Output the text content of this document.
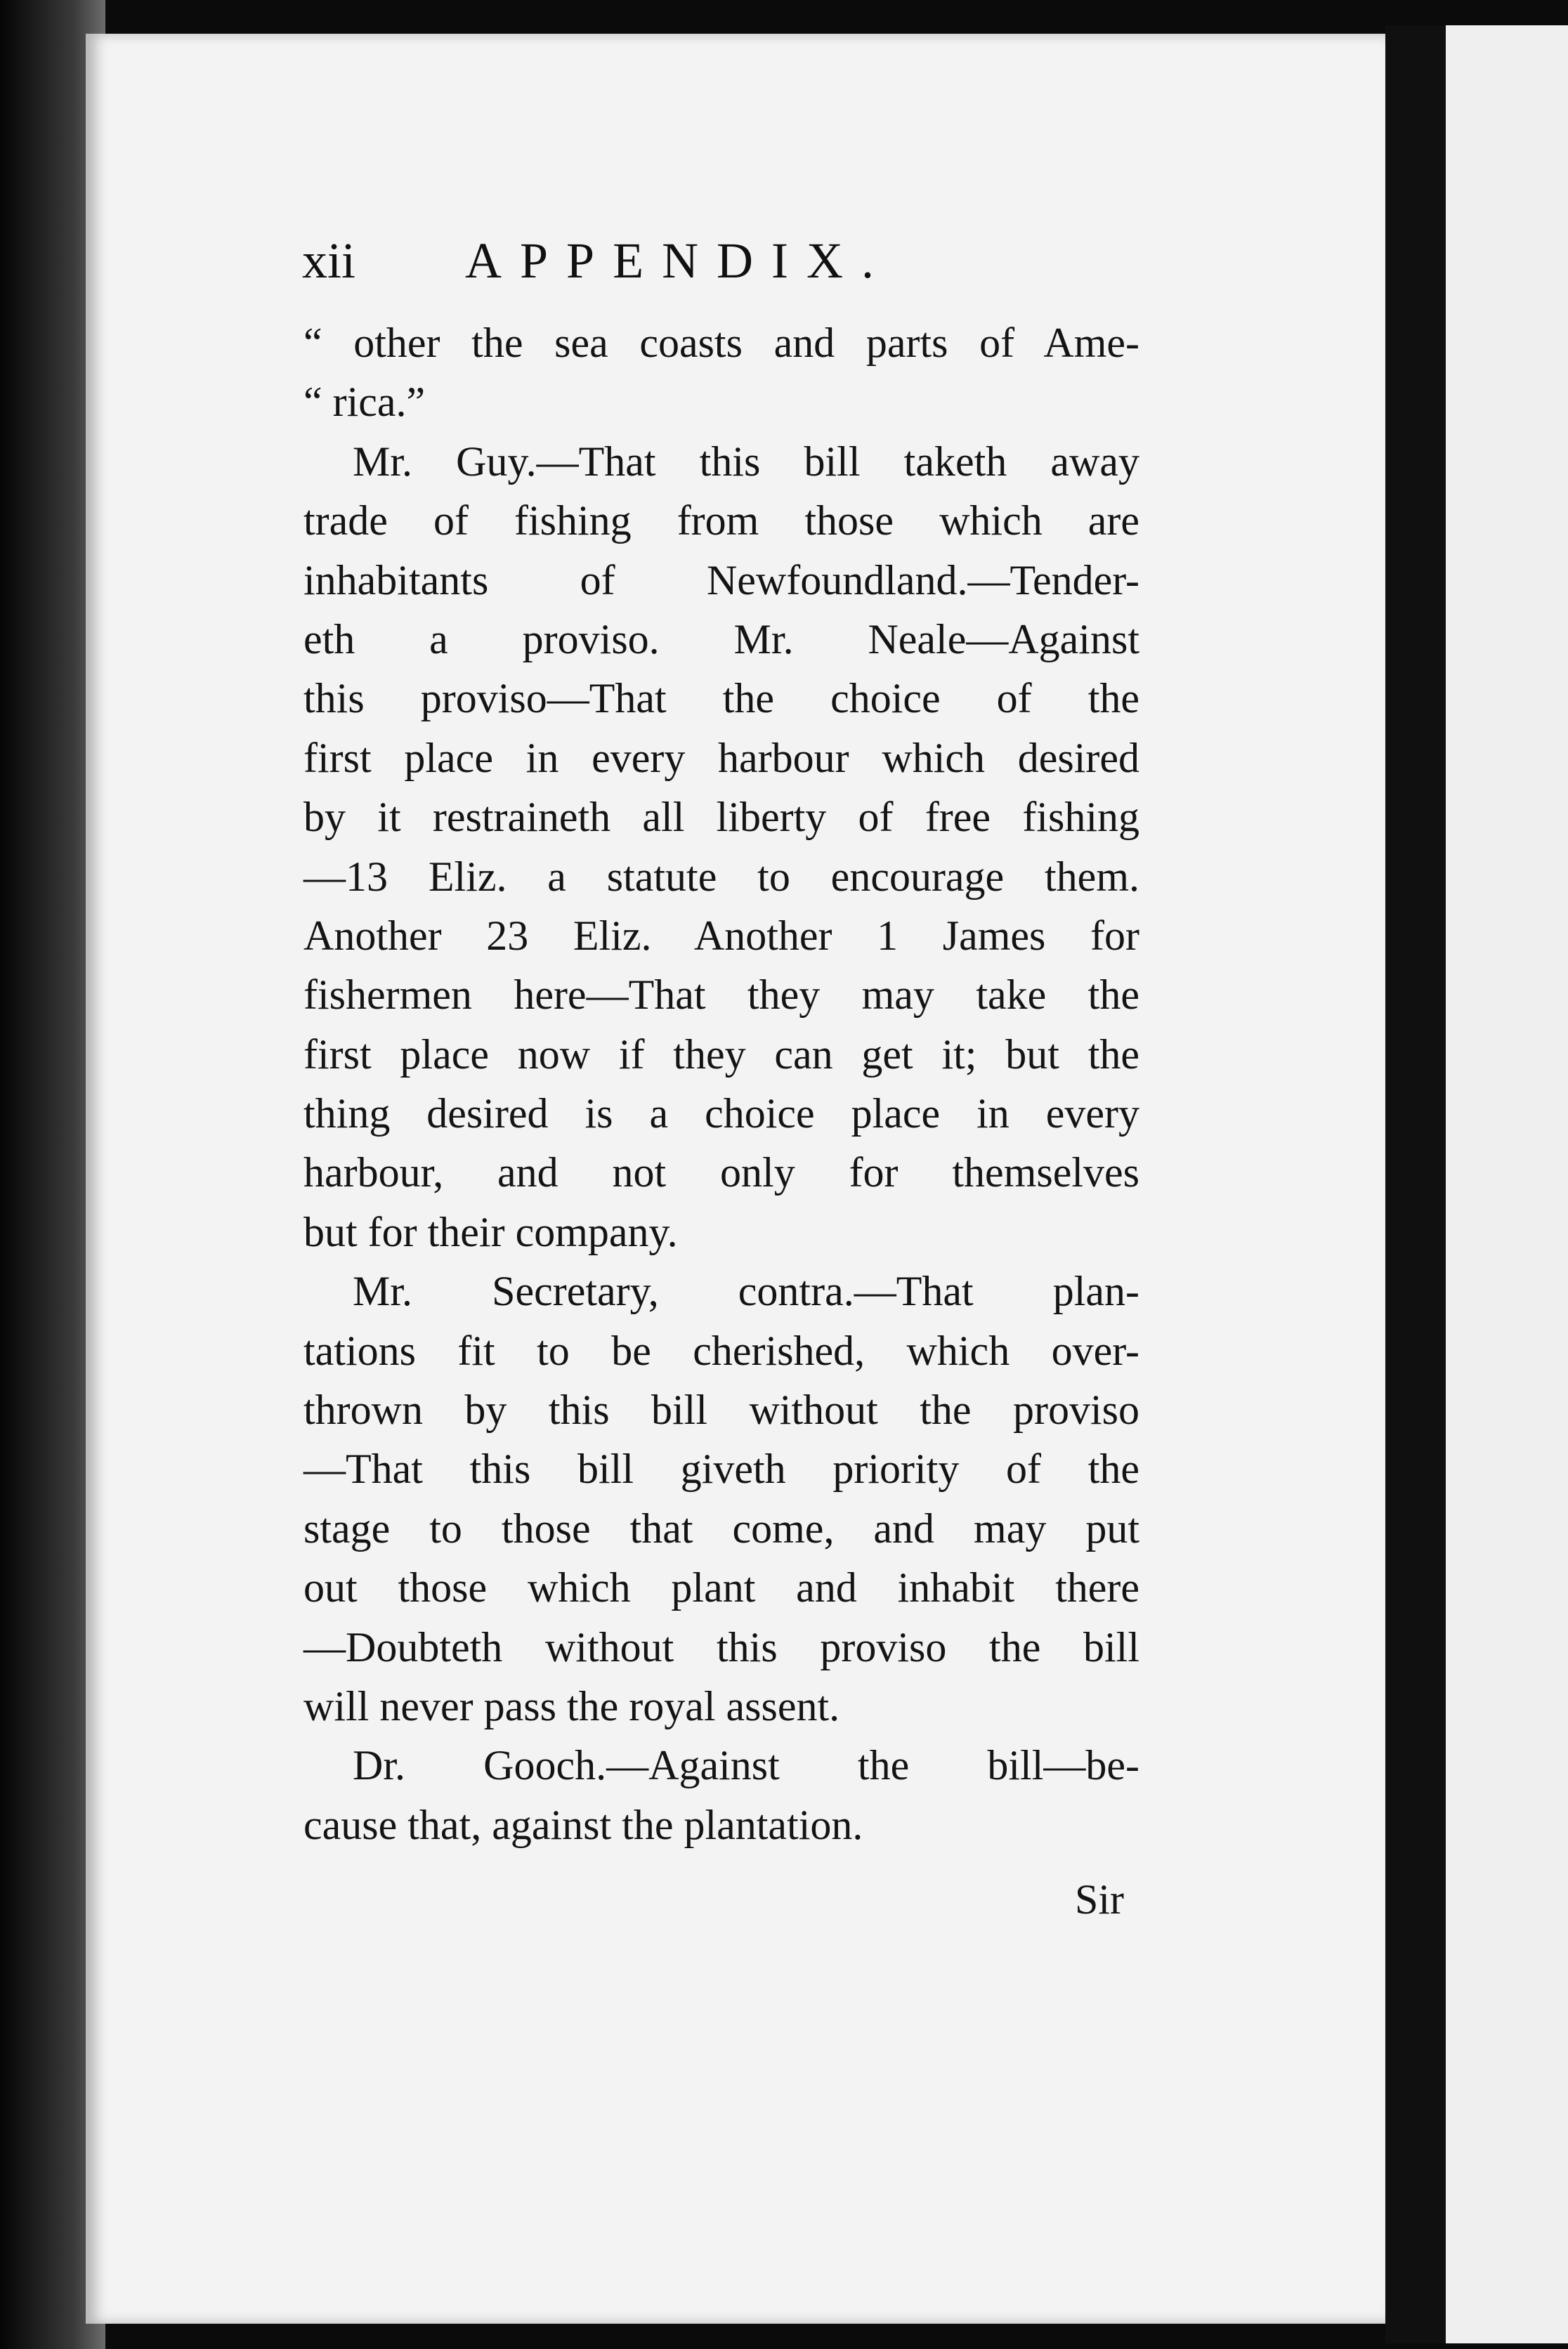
xii APPENDIX.
“ other the sea coasts and parts of Ame-
“ rica.”
Mr. Guy.—That this bill taketh away
trade of fishing from those which are
inhabitants of Newfoundland.—Tender-
eth a proviso. Mr. Neale—Against
this proviso—That the choice of the
first place in every harbour which desired
by it restraineth all liberty of free fishing
—13 Eliz. a statute to encourage them.
Another 23 Eliz. Another 1 James for
fishermen here—That they may take the
first place now if they can get it; but the
thing desired is a choice place in every
harbour, and not only for themselves
but for their company.
Mr. Secretary, contra.—That plan-
tations fit to be cherished, which over-
thrown by this bill without the proviso
—That this bill giveth priority of the
stage to those that come, and may put
out those which plant and inhabit there
—Doubteth without this proviso the bill
will never pass the royal assent.
Dr. Gooch.—Against the bill—be-
cause that, against the plantation.
Sir
